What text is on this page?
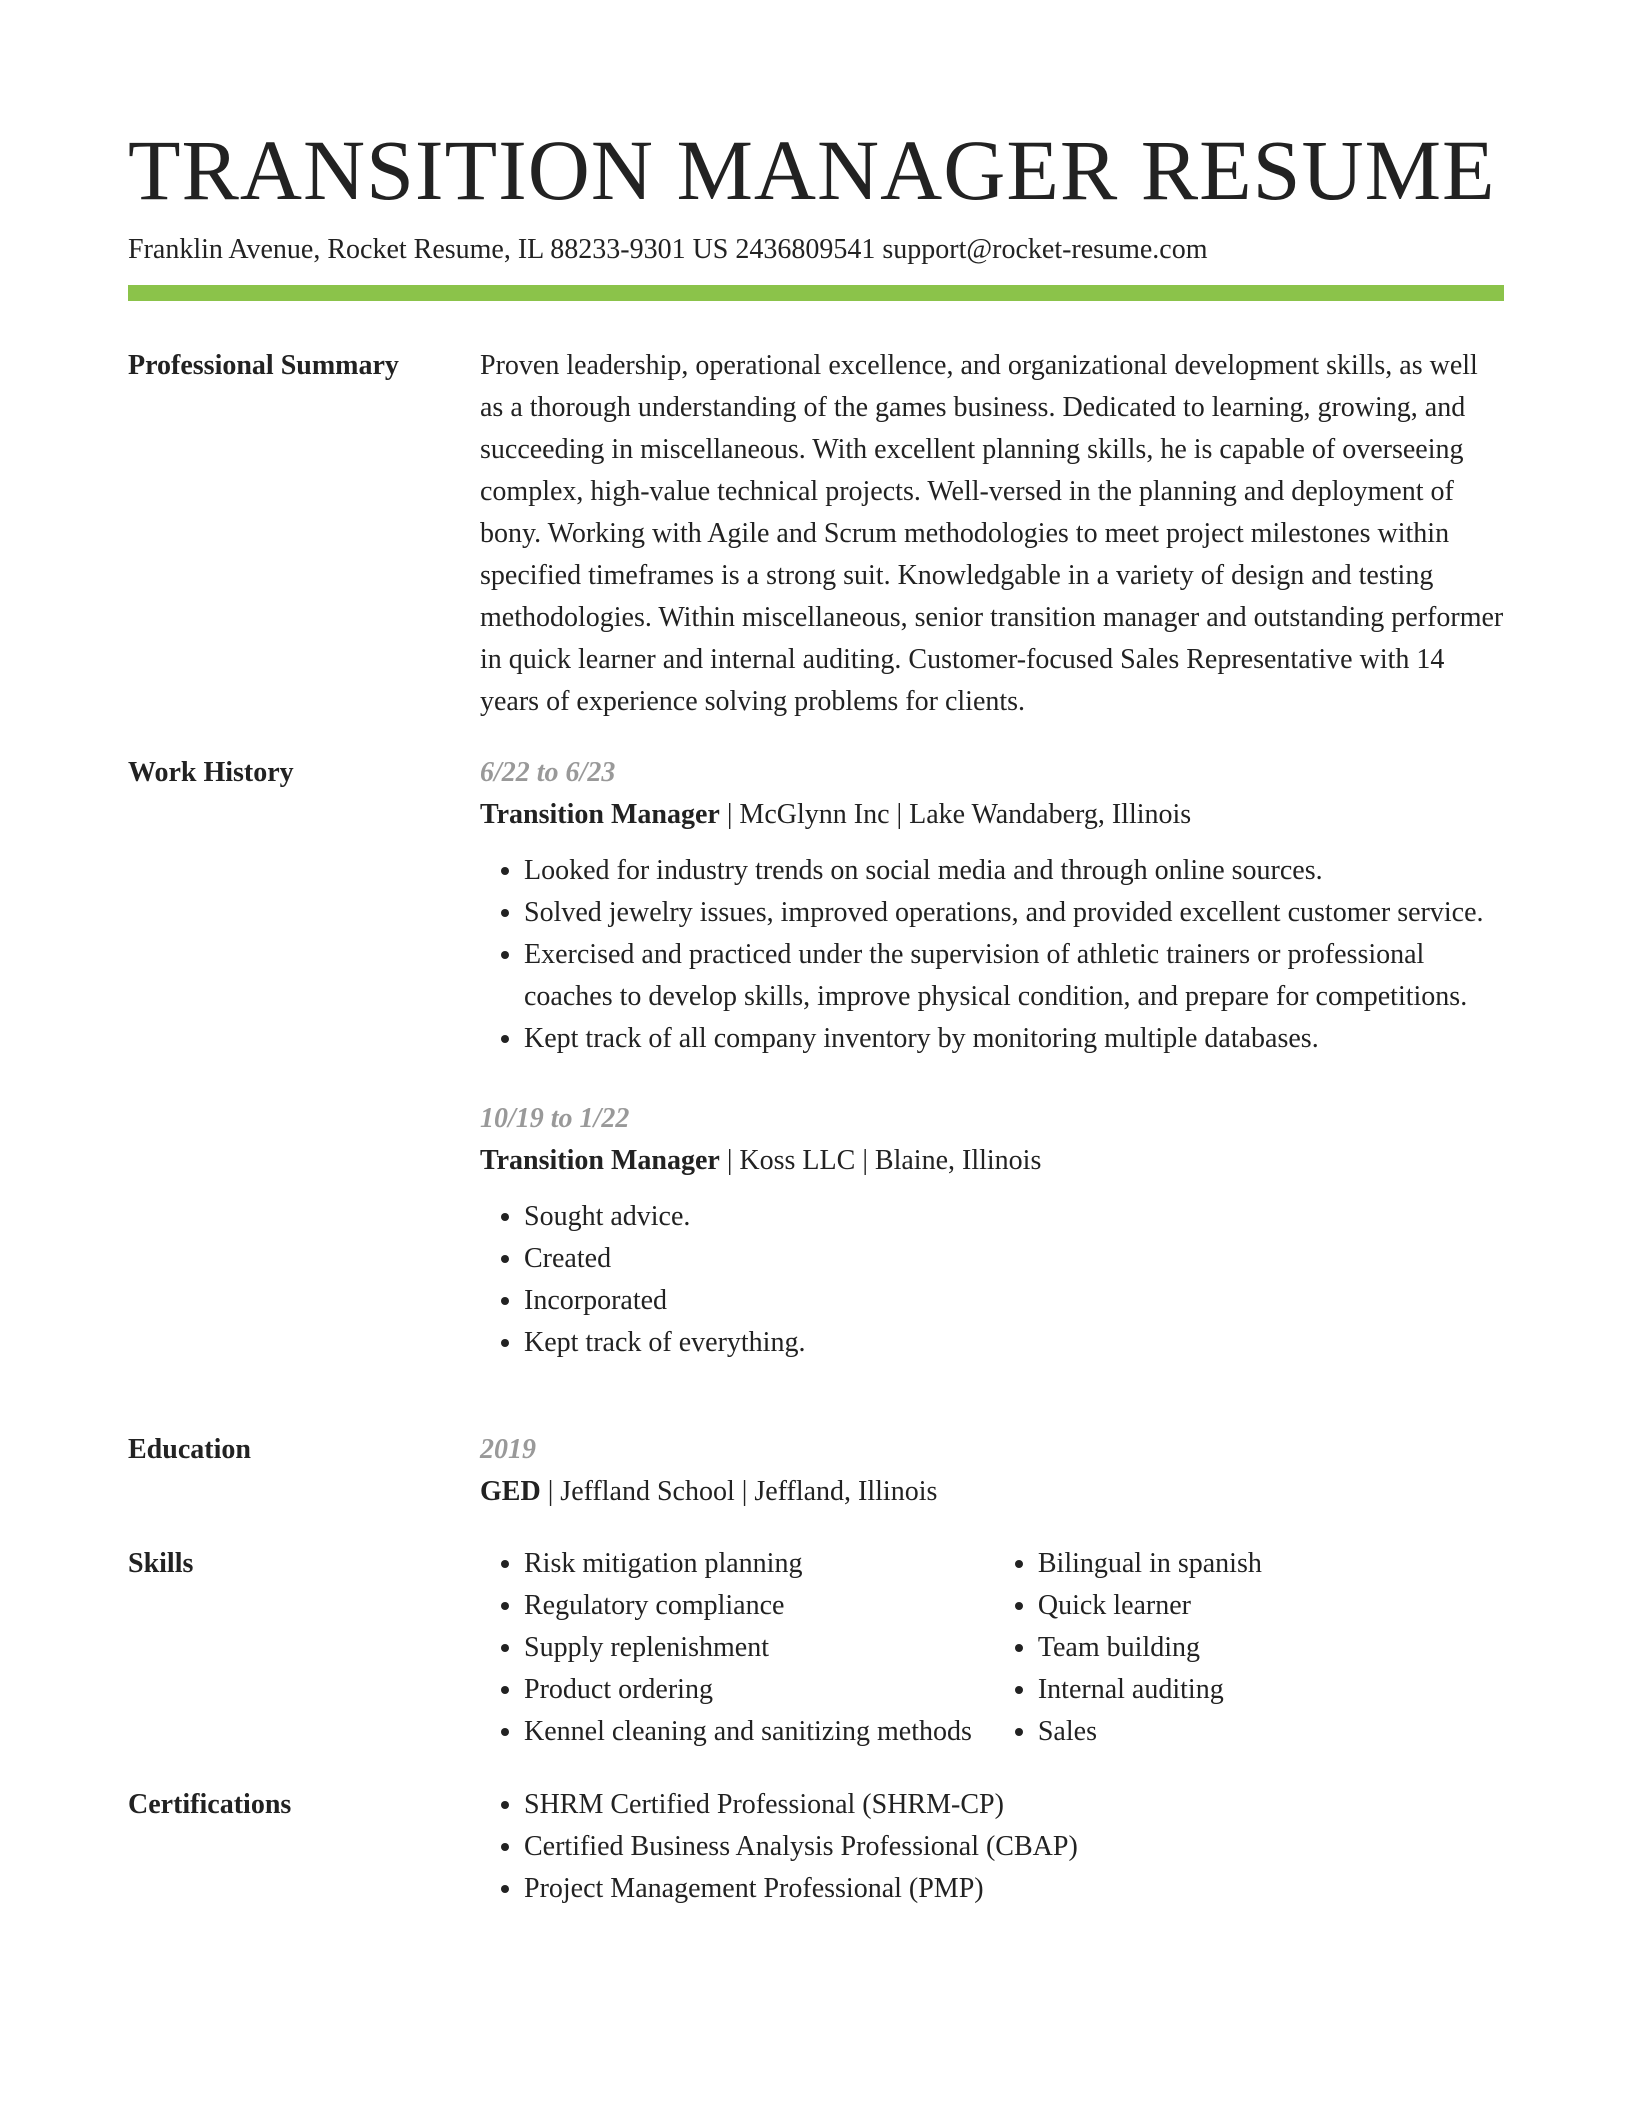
TRANSITION MANAGER RESUME
Franklin Avenue, Rocket Resume, IL 88233-9301 US 2436809541 support@rocket-resume.com
Professional Summary	Proven leadership, operational excellence, and organizational development skills, as well as a thorough understanding of the games business. Dedicated to learning, growing, and succeeding in miscellaneous. With excellent planning skills, he is capable of overseeing complex, high-value technical projects. Well-versed in the planning and deployment of bony. Working with Agile and Scrum methodologies to meet project milestones within specified timeframes is a strong suit. Knowledgable in a variety of design and testing methodologies. Within miscellaneous, senior transition manager and outstanding performer in quick learner and internal auditing. Customer-focused Sales Representative with 14 years of experience solving problems for clients.

Work History	6/22 to 6/23
Transition Manager | McGlynn Inc | Lake Wandaberg, Illinois
• Looked for industry trends on social media and through online sources.
• Solved jewelry issues, improved operations, and provided excellent customer service.
• Exercised and practiced under the supervision of athletic trainers or professional coaches to develop skills, improve physical condition, and prepare for competitions.
• Kept track of all company inventory by monitoring multiple databases.
10/19 to 1/22
Transition Manager | Koss LLC | Blaine, Illinois
• Sought advice.
• Created
• Incorporated
• Kept track of everything.
Education	2019
GED | Jeffland School | Jeffland, Illinois
Skills	• Risk mitigation planning
• Regulatory compliance
• Supply replenishment
• Product ordering
• Kennel cleaning and sanitizing methods
• Bilingual in spanish
• Quick learner
• Team building
• Internal auditing
• Sales
Certifications	• SHRM Certified Professional (SHRM-CP)
• Certified Business Analysis Professional (CBAP)
• Project Management Professional (PMP)
